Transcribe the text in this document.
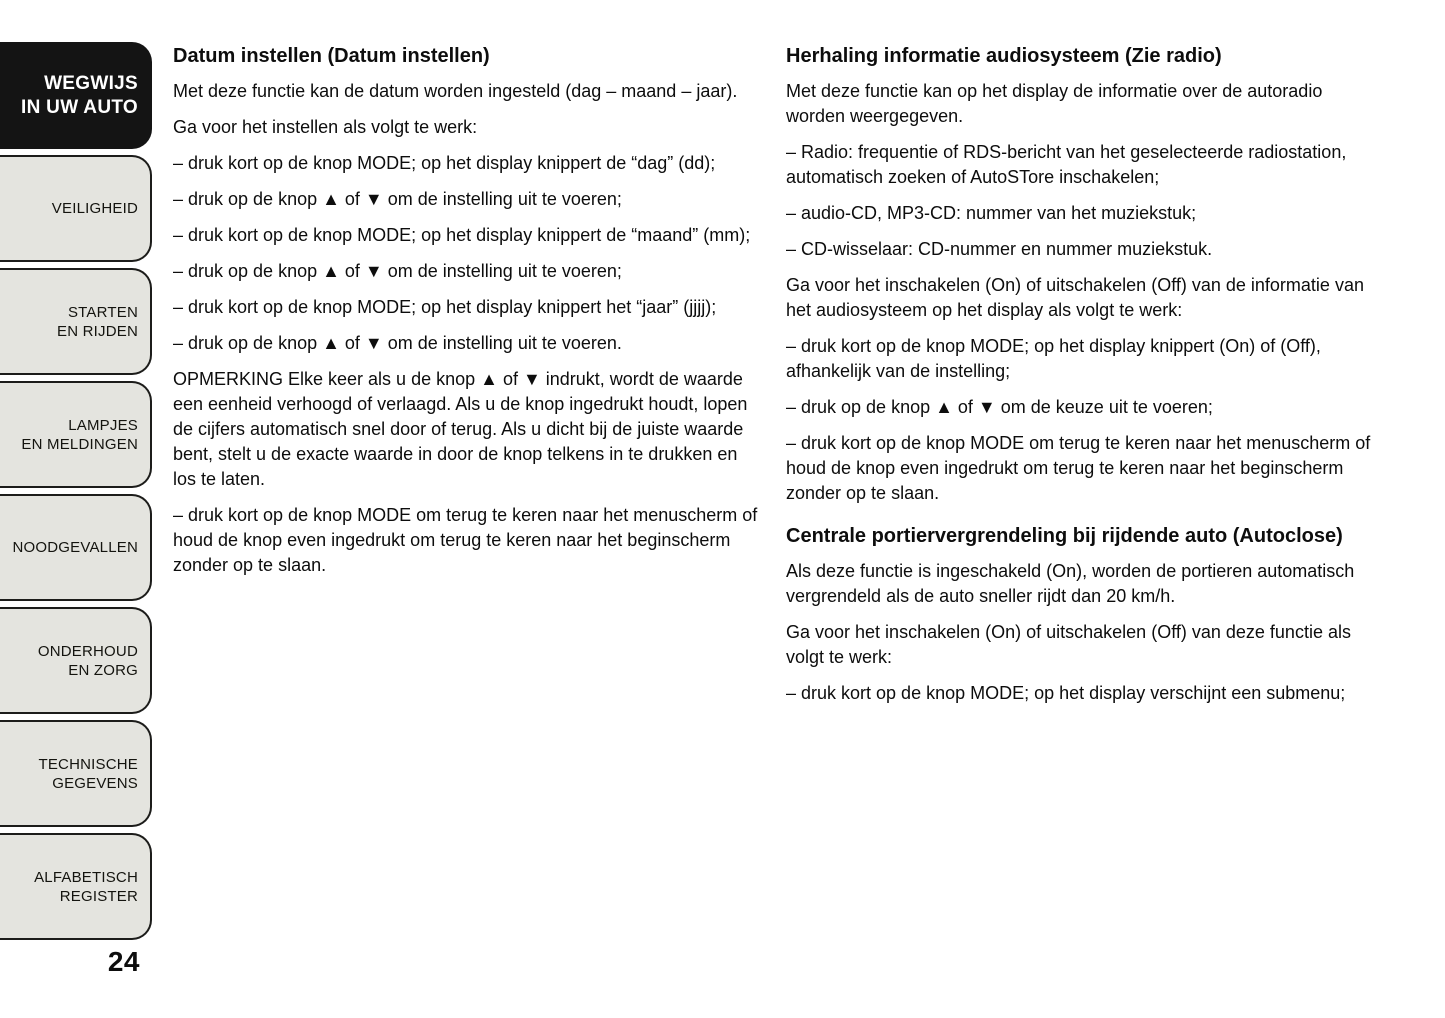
WEGWIJS
IN UW AUTO
VEILIGHEID
STARTEN
EN RIJDEN
LAMPJES
EN MELDINGEN
NOODGEVALLEN
ONDERHOUD
EN ZORG
TECHNISCHE
GEGEVENS
ALFABETISCH
REGISTER
Datum instellen (Datum instellen)

Met deze functie kan de datum worden ingesteld (dag – maand – jaar).

Ga voor het instellen als volgt te werk:

– druk kort op de knop MODE; op het display knippert de “dag” (dd);

– druk op de knop ▲ of ▼ om de instelling uit te voeren;

– druk kort op de knop MODE; op het display knippert de “maand” (mm);

– druk op de knop ▲ of ▼ om de instelling uit te voeren;

– druk kort op de knop MODE; op het display knippert het “jaar” (jjjj);

– druk op de knop ▲ of ▼ om de instelling uit te voeren.

OPMERKING Elke keer als u de knop ▲ of ▼ indrukt, wordt de waarde een eenheid verhoogd of verlaagd. Als u de knop ingedrukt houdt, lopen de cijfers automatisch snel door of terug. Als u dicht bij de juiste waarde bent, stelt u de exacte waarde in door de knop telkens in te drukken en los te laten.

– druk kort op de knop MODE om terug te keren naar het menuscherm of houd de knop even ingedrukt om terug te keren naar het beginscherm zonder op te slaan.

Herhaling informatie audiosysteem (Zie radio)

Met deze functie kan op het display de informatie over de autoradio worden weergegeven.

– Radio: frequentie of RDS-bericht van het geselecteerde radiostation, automatisch zoeken of AutoSTore inschakelen;

– audio-CD, MP3-CD: nummer van het muziekstuk;

– CD-wisselaar: CD-nummer en nummer muziekstuk.

Ga voor het inschakelen (On) of uitschakelen (Off) van de informatie van het audiosysteem op het display als volgt te werk:

– druk kort op de knop MODE; op het display knippert (On) of (Off), afhankelijk van de instelling;

– druk op de knop ▲ of ▼ om de keuze uit te voeren;

– druk kort op de knop MODE om terug te keren naar het menuscherm of houd de knop even ingedrukt om terug te keren naar het beginscherm zonder op te slaan.

Centrale portiervergrendeling bij rijdende auto (Autoclose)

Als deze functie is ingeschakeld (On), worden de portieren automatisch vergrendeld als de auto sneller rijdt dan 20 km/h.

Ga voor het inschakelen (On) of uitschakelen (Off) van deze functie als volgt te werk:

– druk kort op de knop MODE; op het display verschijnt een submenu;

24
